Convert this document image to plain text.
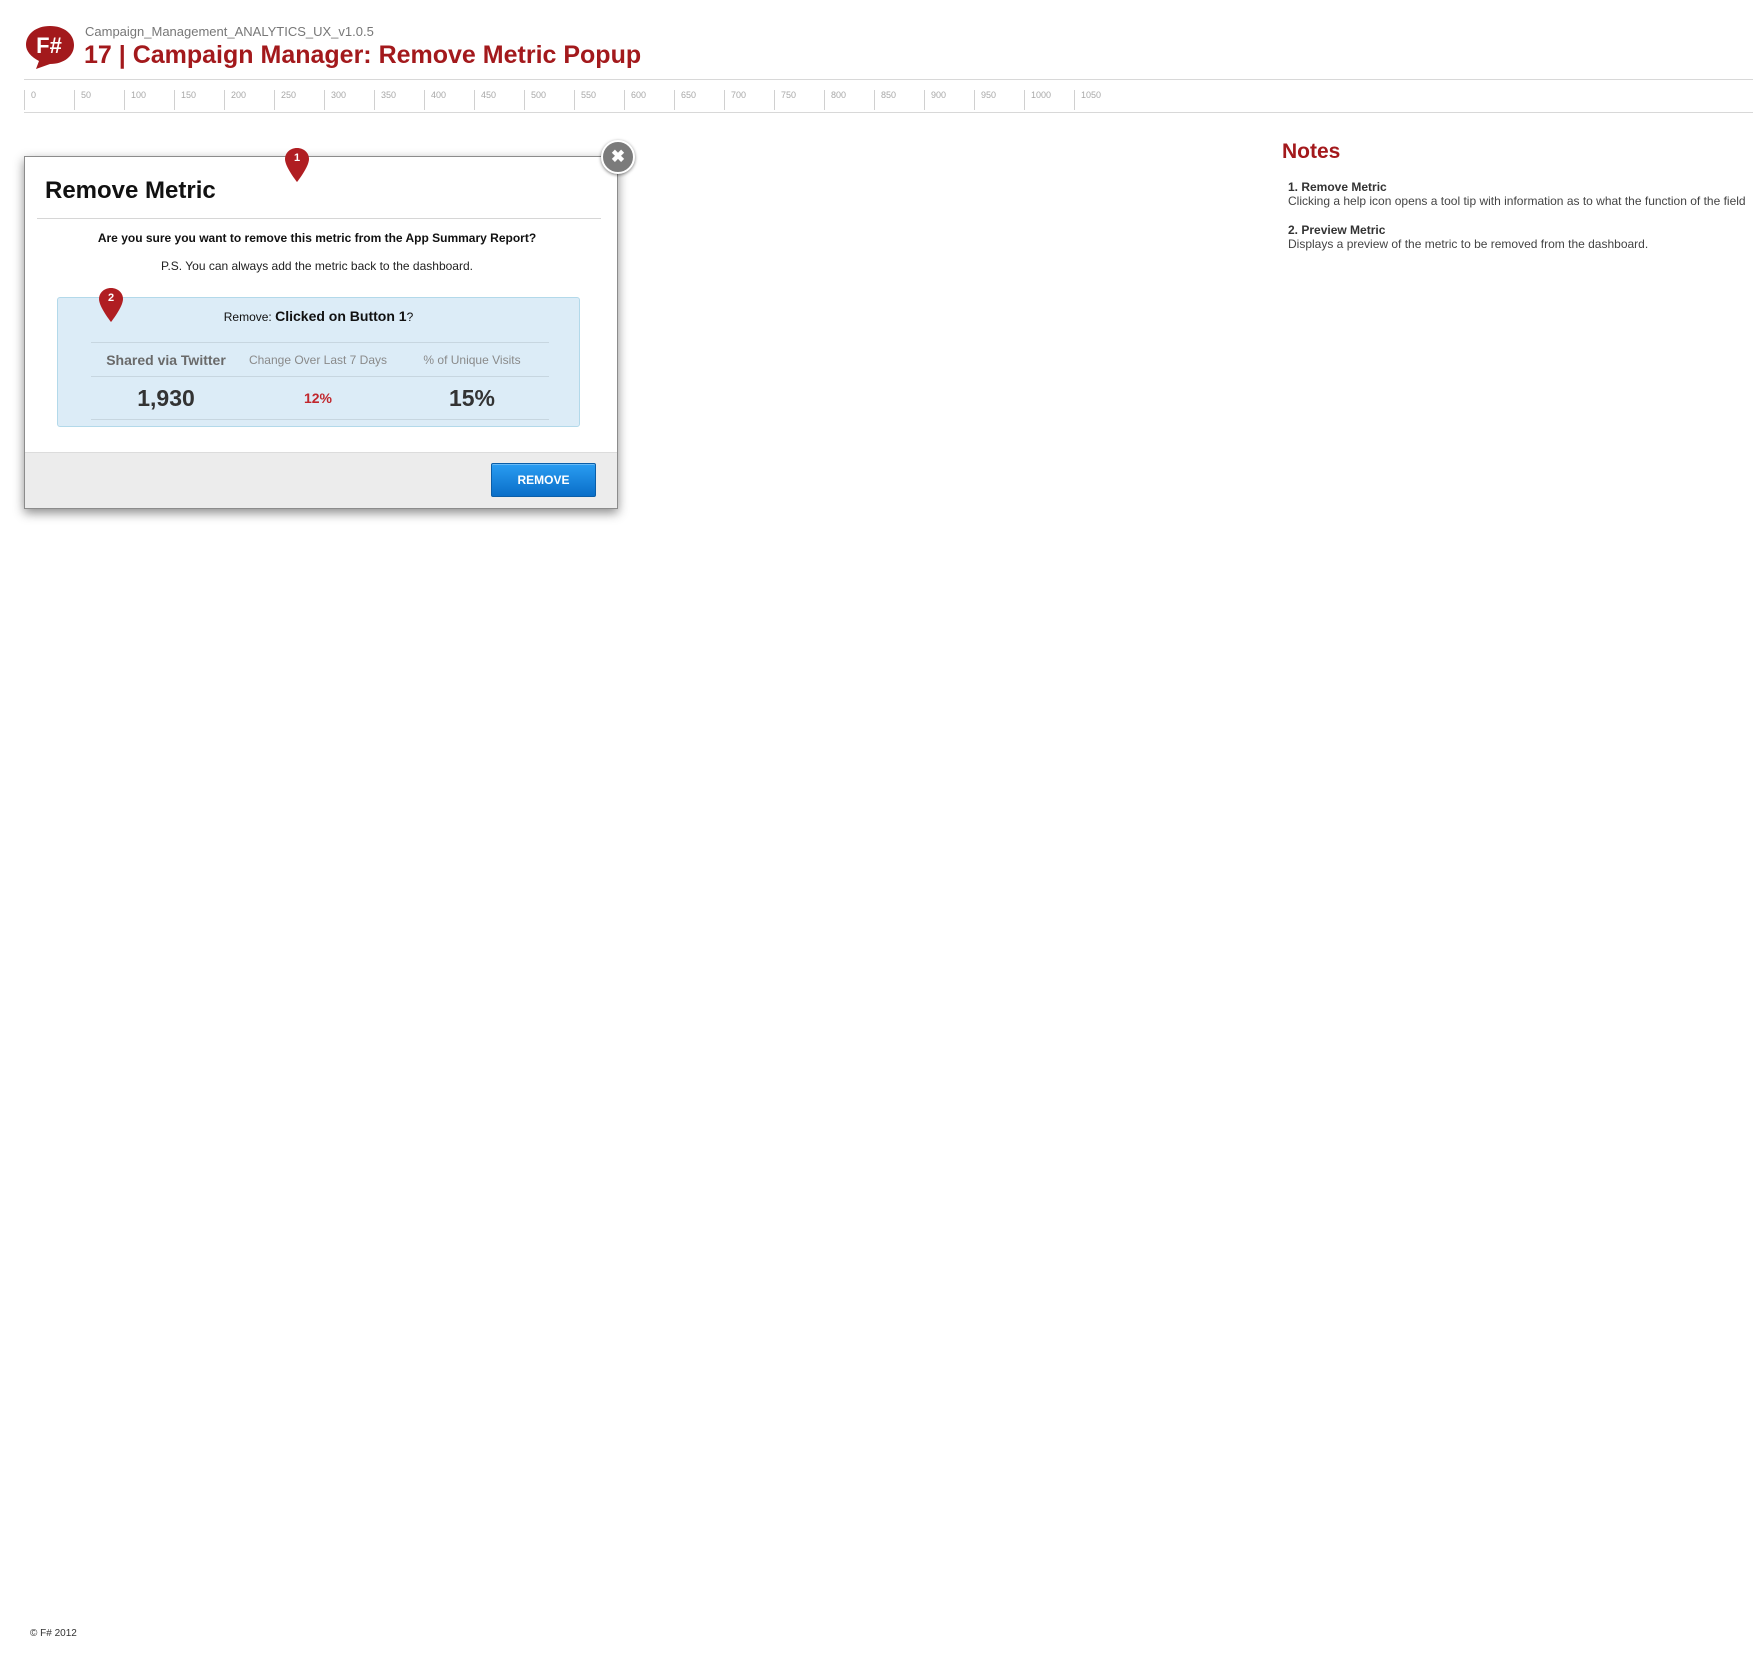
F#
Campaign_Management_ANALYTICS_UX_v1.0.5
17 | Campaign Manager: Remove Metric Popup
0	50	100	150	200	250	300	350	400	450	500	550	600	650	700	750	800	850	900	950	1000	1050
Remove Metric
Are you sure you want to remove this metric from the App Summary Report?
P.S. You can always add the metric back to the dashboard.
Remove: Clicked on Button 1?
Shared via Twitter	Change Over Last 7 Days	% of Unique Visits
1,930	12%	15%
REMOVE
✖
1
2
Notes
1. Remove Metric
Clicking a help icon opens a tool tip with information as to what the function of the field
2. Preview Metric
Displays a preview of the metric to be removed from the dashboard.
© F# 2012
